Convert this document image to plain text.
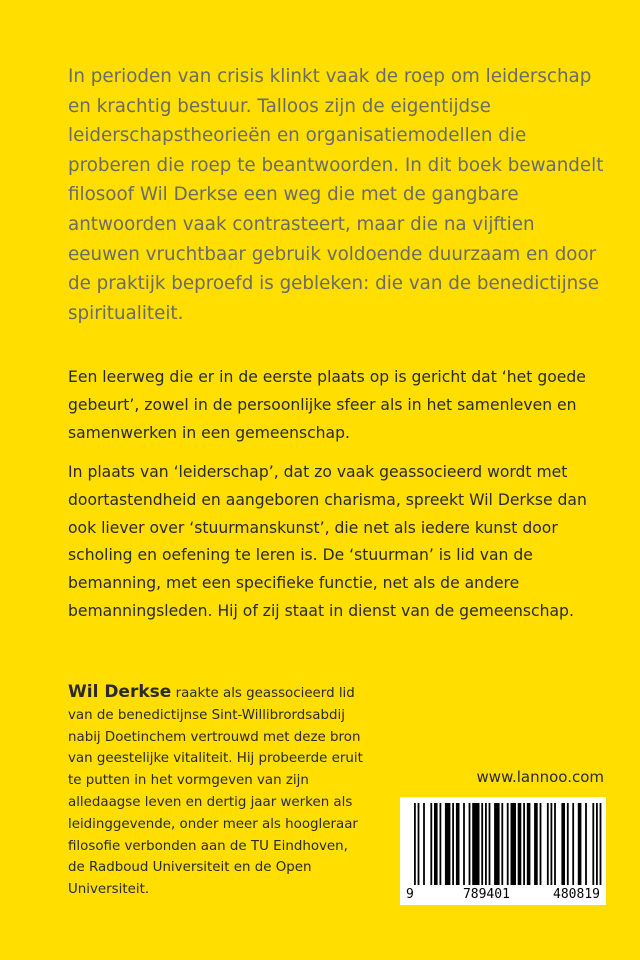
In perioden van crisis klinkt vaak de roep om leiderschap en krachtig bestuur. Talloos zijn de eigentijdse leiderschapstheorieën en organisatiemodellen die proberen die roep te beantwoorden. In dit boek bewandelt filosoof Wil Derkse een weg die met de gangbare antwoorden vaak contrasteert, maar die na vijftien eeuwen vruchtbaar gebruik voldoende duurzaam en door de praktijk beproefd is gebleken: die van de benedictijnse spiritualiteit.

Een leerweg die er in de eerste plaats op is gericht dat ‘het goede gebeurt’, zowel in de persoonlijke sfeer als in het samenleven en samenwerken in een gemeenschap.

In plaats van ‘leiderschap’, dat zo vaak geassocieerd wordt met doortastendheid en aangeboren charisma, spreekt Wil Derkse dan ook liever over ‘stuurmanskunst’, die net als iedere kunst door scholing en oefening te leren is. De ‘stuurman’ is lid van de bemanning, met een specifieke functie, net als de andere bemanningsleden. Hij of zij staat in dienst van de gemeenschap.

Wil Derkse raakte als geassocieerd lid van de benedictijnse Sint-Willibrordsabdij nabij Doetinchem vertrouwd met deze bron van geestelijke vitaliteit. Hij probeerde eruit te putten in het vormgeven van zijn alledaagse leven en dertig jaar werken als leidinggevende, onder meer als hoogleraar filosofie verbonden aan de TU Eindhoven, de Radboud Universiteit en de Open Universiteit.

www.lannoo.com
9	789401	480819
